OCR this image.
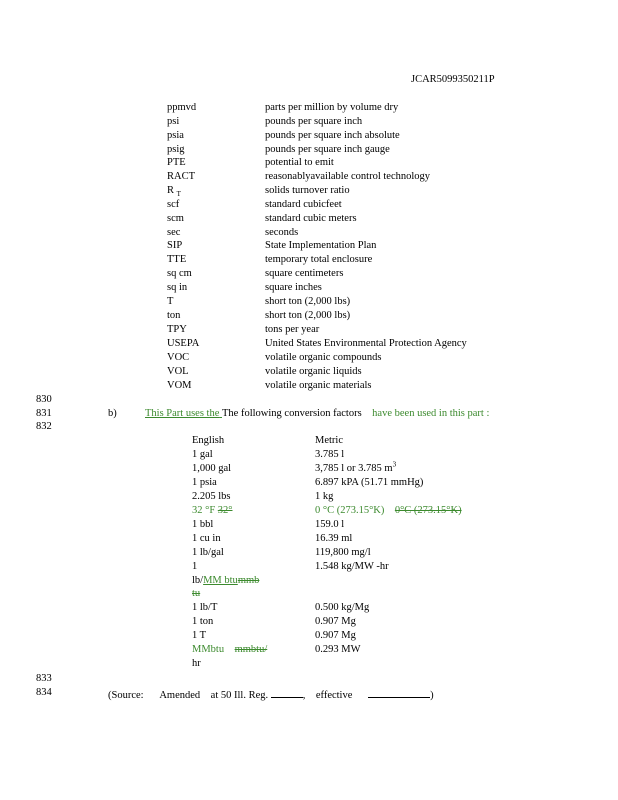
JCAR5099350211P
ppmvd	parts per million by volume dry
psi	pounds per square inch
psia	pounds per square inch absolute
psig	pounds per square inch gauge
PTE	potential to emit
RACT	reasonablyavailable control technology
R $_T$	solids turnover ratio
scf	standard cubicfeet
scm	standard cubic meters
sec	seconds
SIP	State Implementation Plan
TTE	temporary total enclosure
sq cm	square centimeters
sq in	square inches
T	short ton (2,000 lbs)
ton	short ton (2,000 lbs)
TPY	tons per year
USEPA	United States Environmental Protection Agency
VOC	volatile organic compounds
VOL	volatile organic liquids
VOM	volatile organic materials
830
831
832
833
834
b)	This Part uses the The following conversion factors have been used in this part :
English	Metric
1 gal	3.785 l
1,000 gal	3,785 l or 3.785 $m^3$
1 psia	6.897 kPA (51.71 mmHg)
2.205 lbs	1 kg
32 °F 32°	0 °C (273.15°K) 0°C (273.15°K)
1 bbl	159.0 l
1 cu in	16.39 ml
1 lb/gal	119,800 mg/l
1	1.548 kg/MW -hr
lb/MM btummb
tu
1 lb/T	0.500 kg/Mg
1 ton	0.907 Mg
1 T	0.907 Mg
MMbtu mmbtu/	0.293 MW
hr
(Source: Amended at 50 Ill. Reg.	,    effective	)
